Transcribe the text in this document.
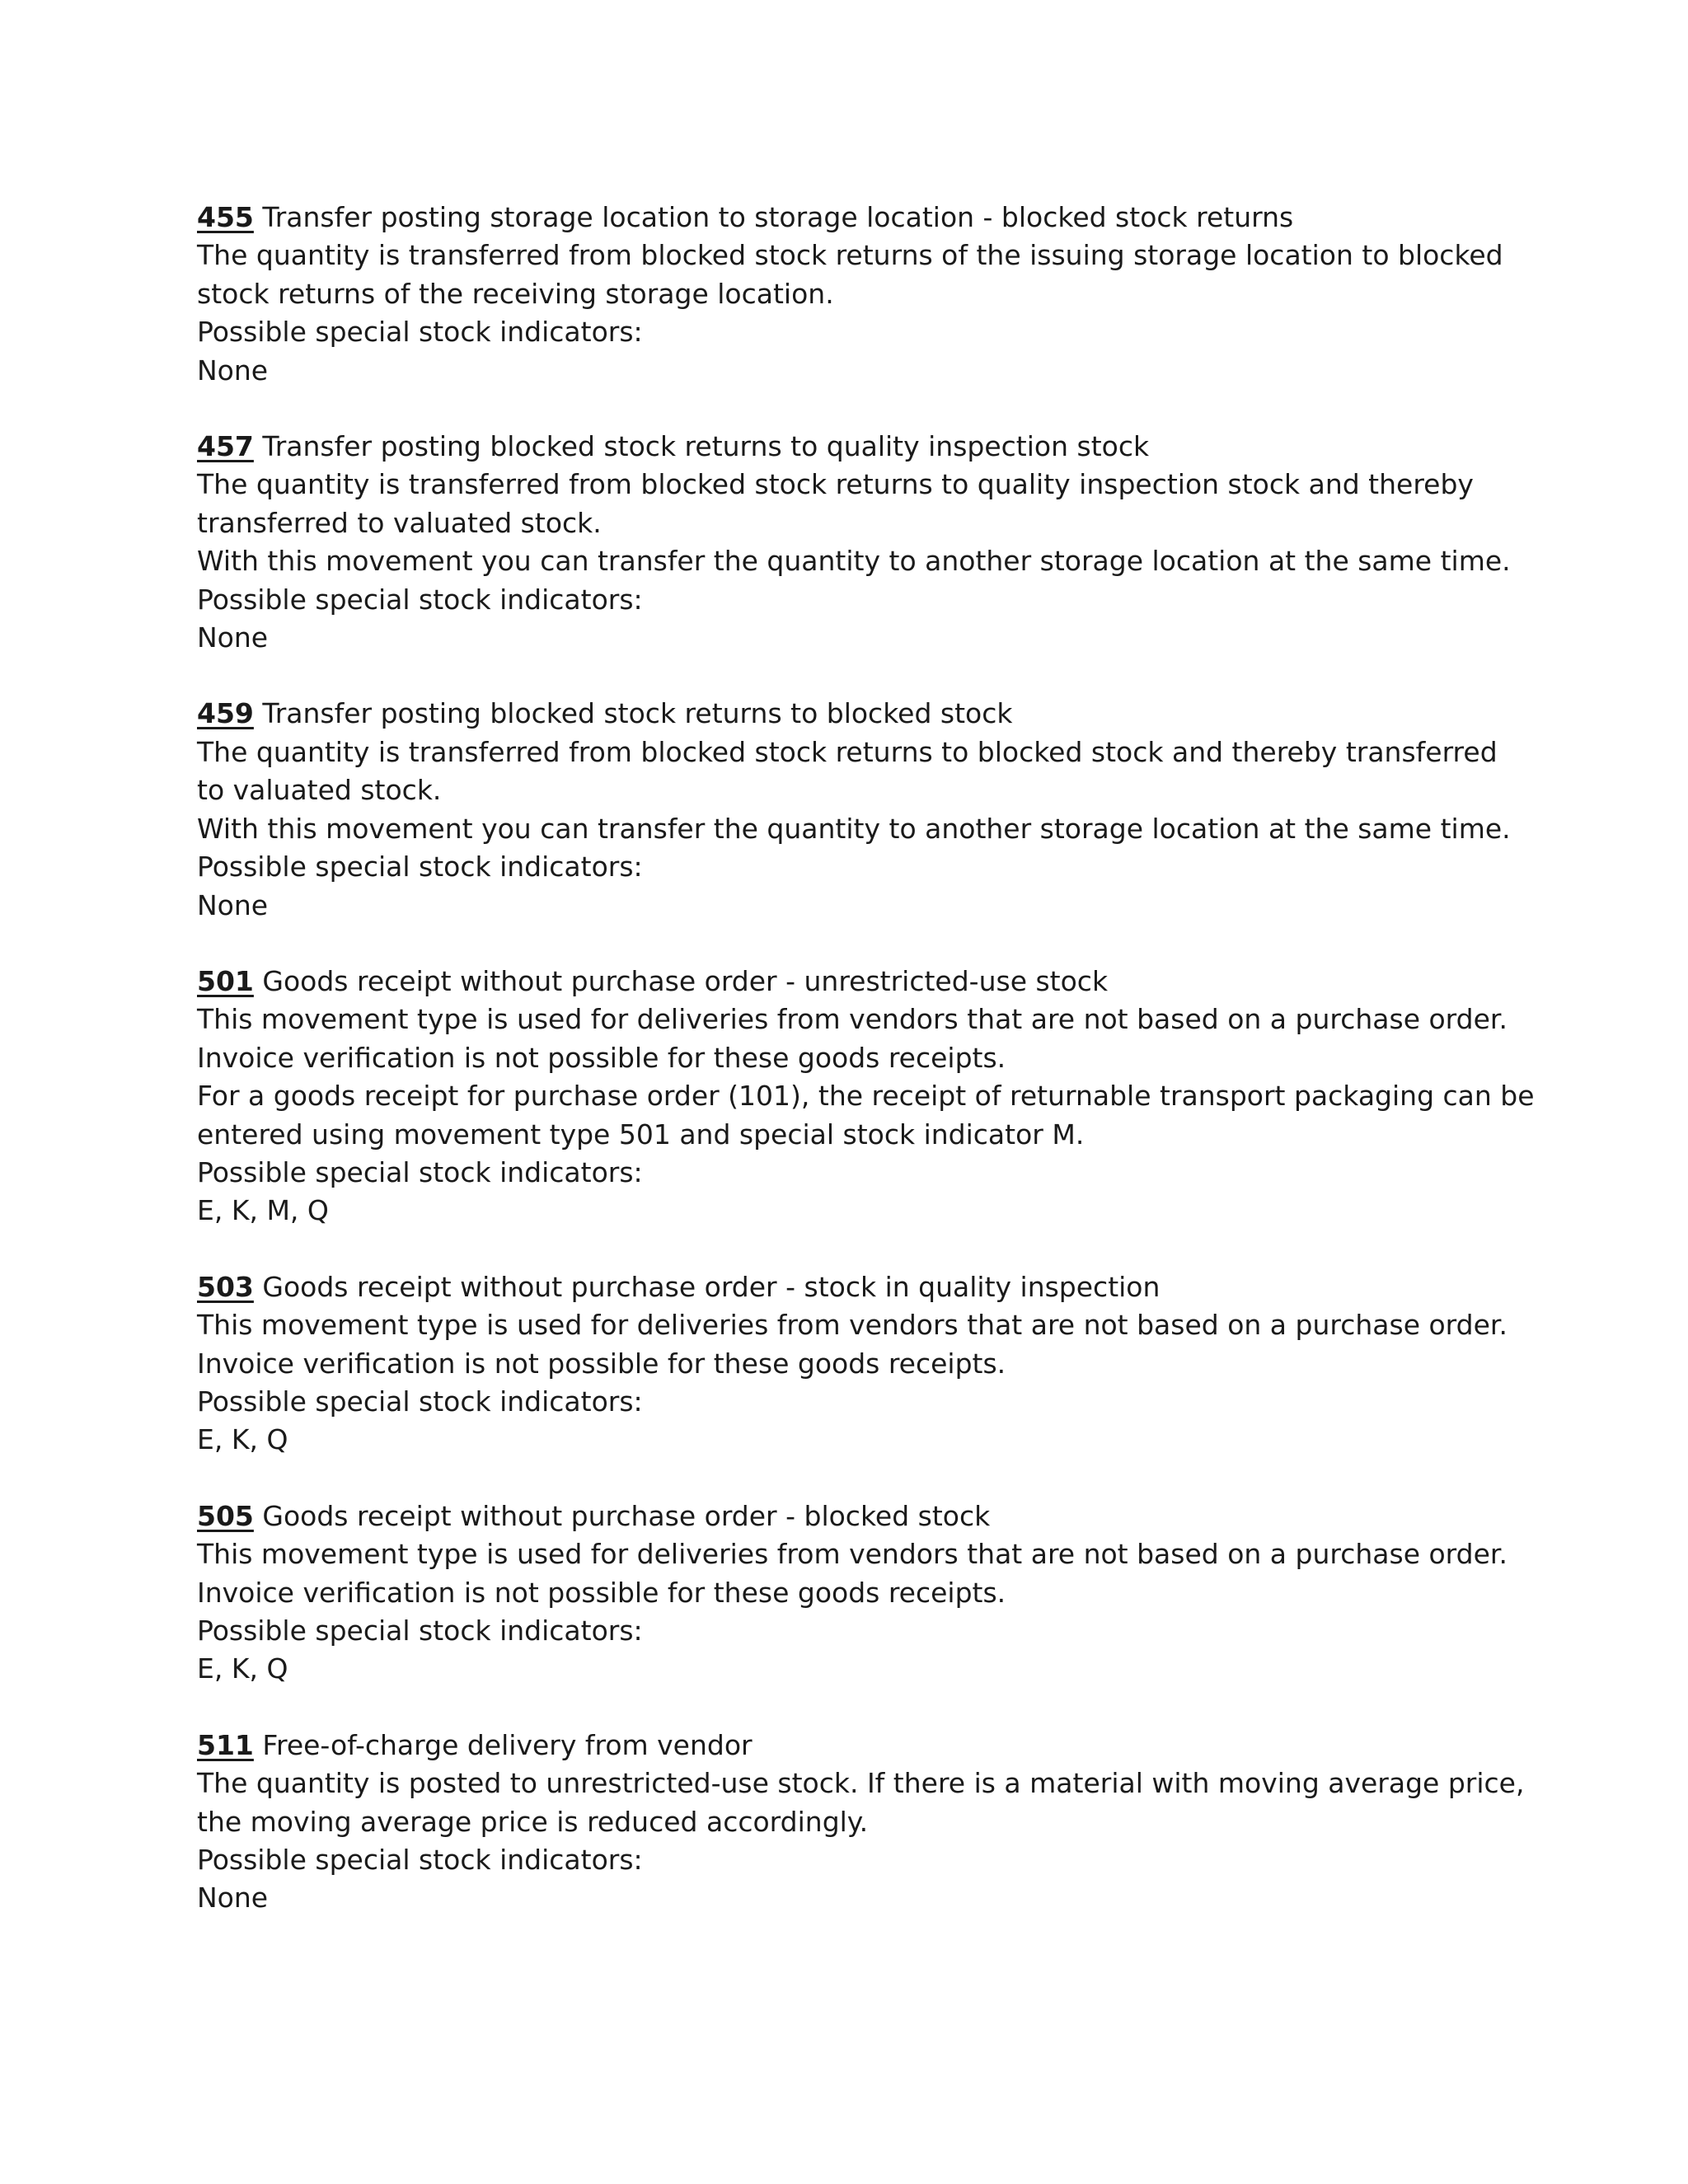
455 Transfer posting storage location to storage location - blocked stock returns
The quantity is transferred from blocked stock returns of the issuing storage location to blocked
stock returns of the receiving storage location.
Possible special stock indicators:
None
457 Transfer posting blocked stock returns to quality inspection stock
The quantity is transferred from blocked stock returns to quality inspection stock and thereby
transferred to valuated stock.
With this movement you can transfer the quantity to another storage location at the same time.
Possible special stock indicators:
None
459 Transfer posting blocked stock returns to blocked stock
The quantity is transferred from blocked stock returns to blocked stock and thereby transferred
to valuated stock.
With this movement you can transfer the quantity to another storage location at the same time.
Possible special stock indicators:
None
501 Goods receipt without purchase order - unrestricted-use stock
This movement type is used for deliveries from vendors that are not based on a purchase order.
Invoice verification is not possible for these goods receipts.
For a goods receipt for purchase order (101), the receipt of returnable transport packaging can be
entered using movement type 501 and special stock indicator M.
Possible special stock indicators:
E, K, M, Q
503 Goods receipt without purchase order - stock in quality inspection
This movement type is used for deliveries from vendors that are not based on a purchase order.
Invoice verification is not possible for these goods receipts.
Possible special stock indicators:
E, K, Q
505 Goods receipt without purchase order - blocked stock
This movement type is used for deliveries from vendors that are not based on a purchase order.
Invoice verification is not possible for these goods receipts.
Possible special stock indicators:
E, K, Q
511 Free-of-charge delivery from vendor
The quantity is posted to unrestricted-use stock. If there is a material with moving average price,
the moving average price is reduced accordingly.
Possible special stock indicators:
None
